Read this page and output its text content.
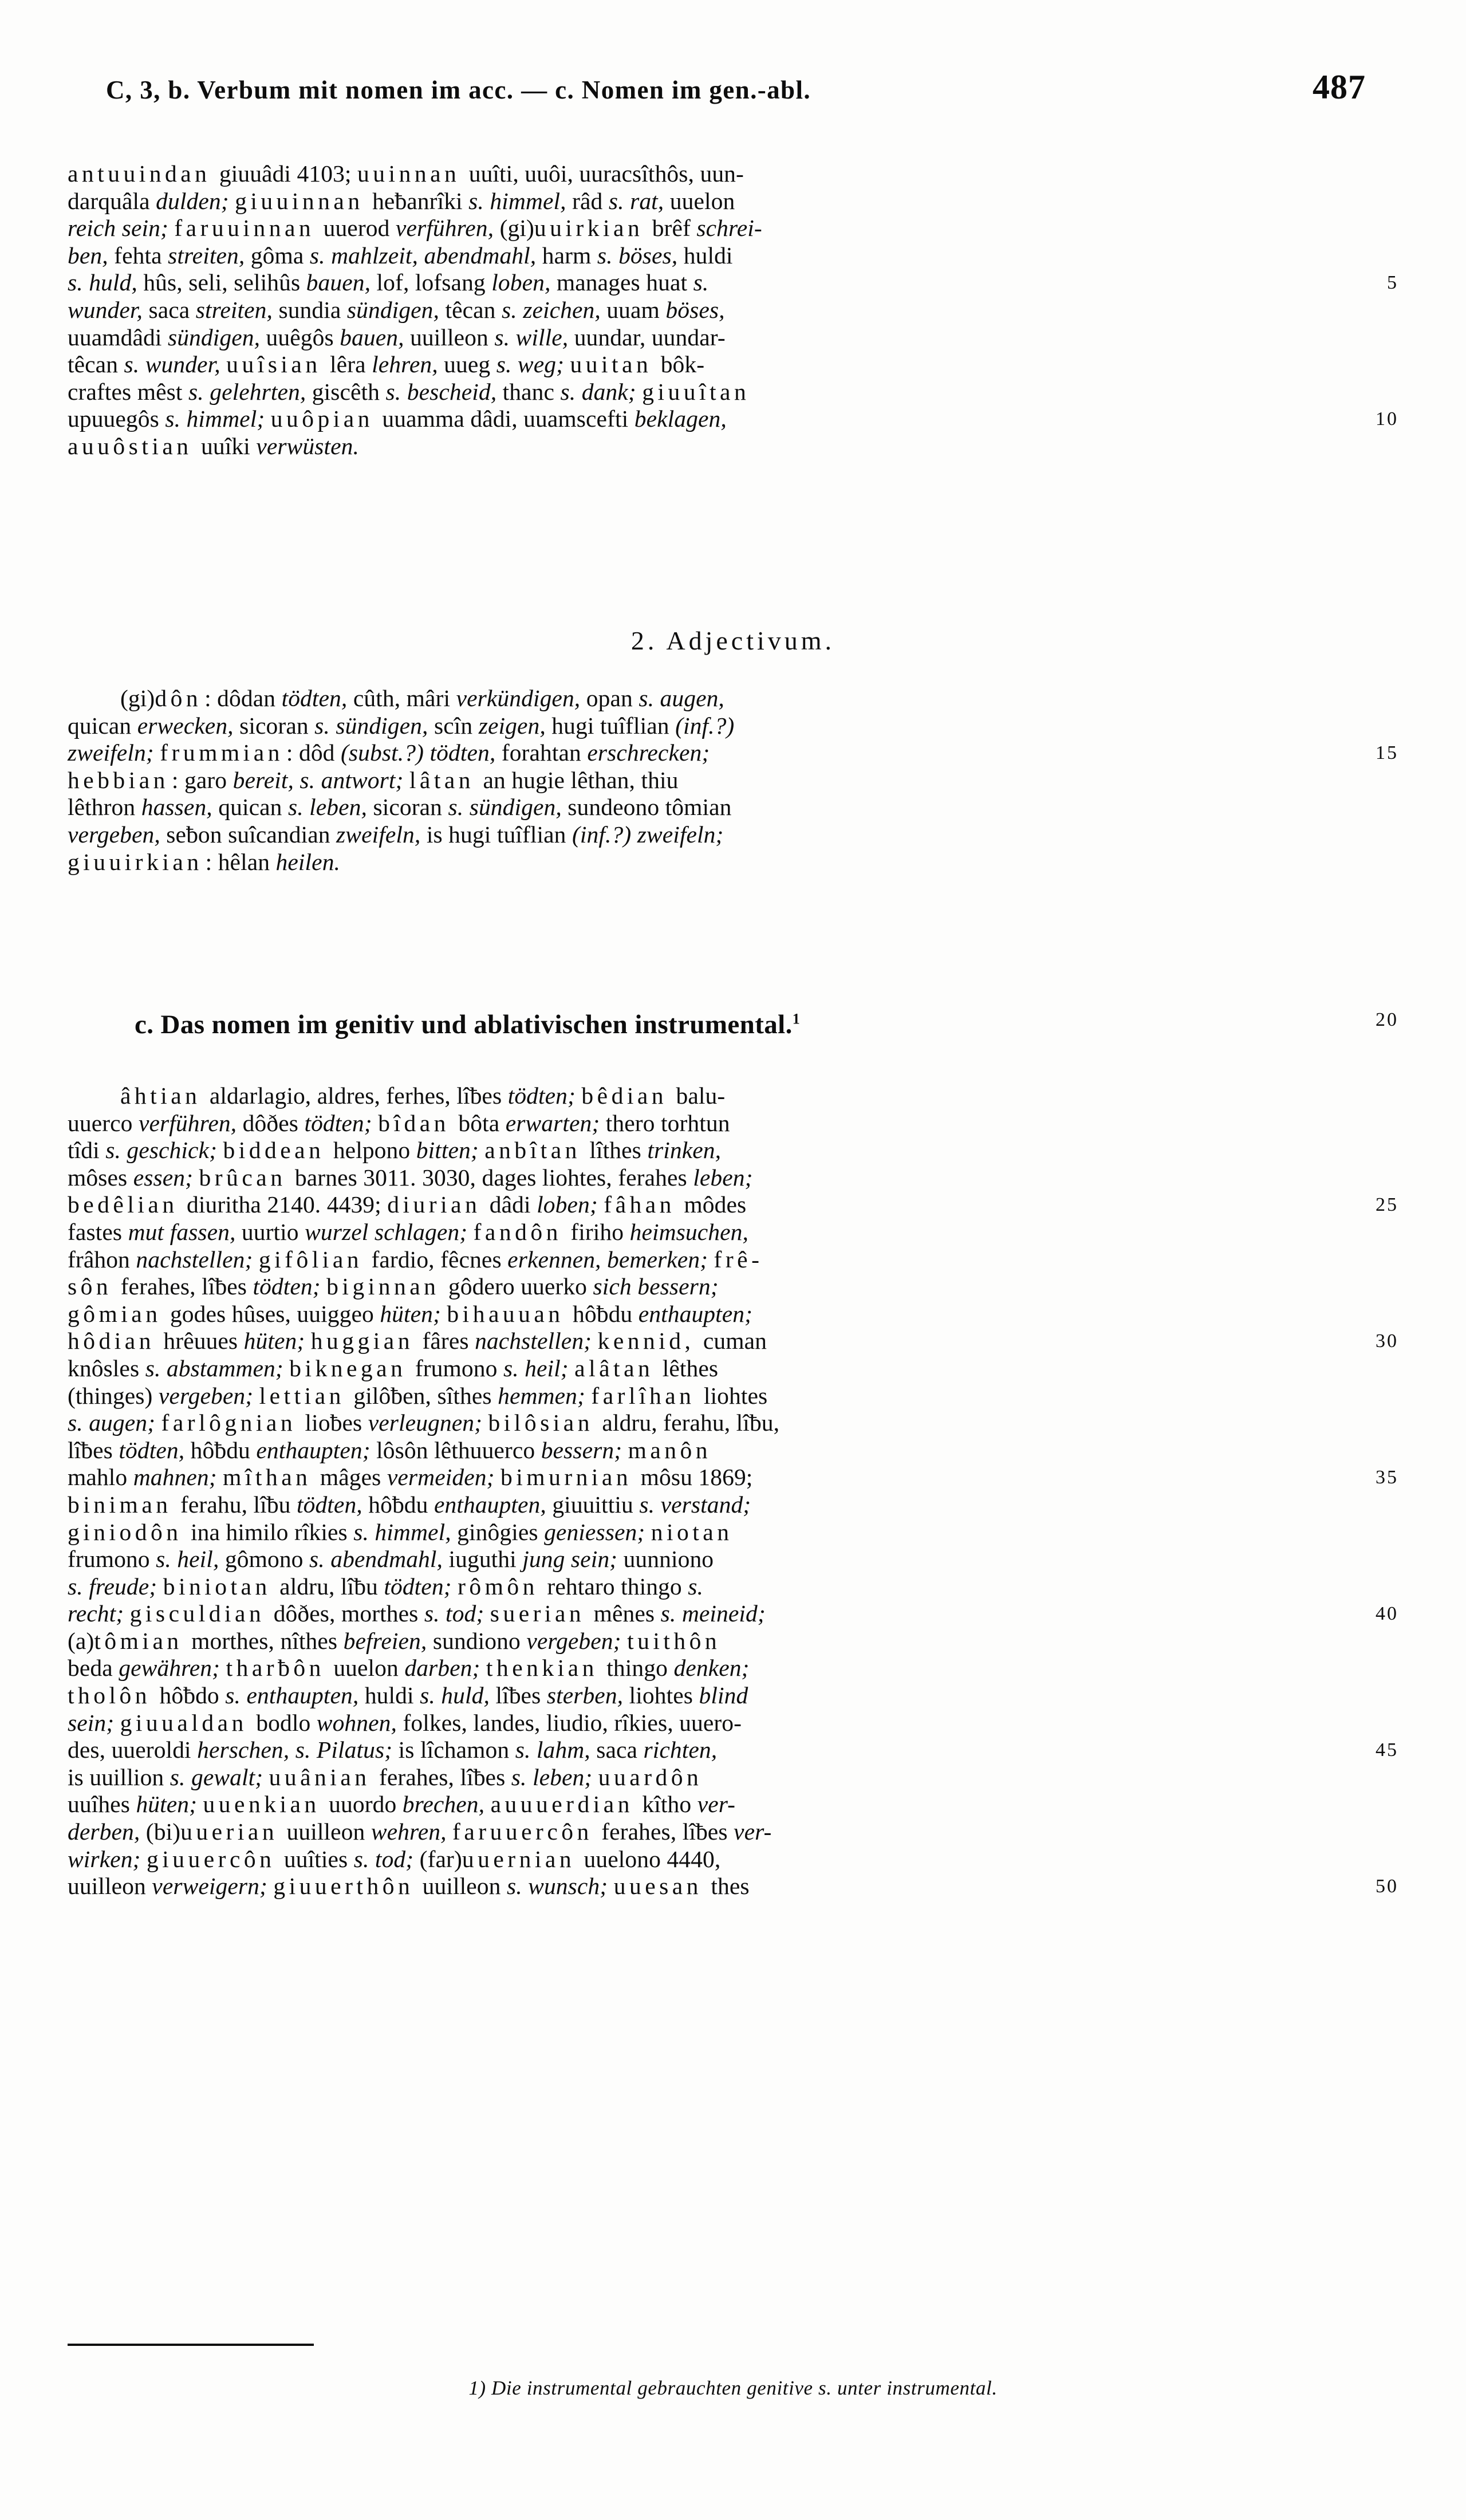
C, 3, b. Verbum mit nomen im acc. — c. Nomen im gen.-abl.	487
antuuindan giuuâdi 4103; uuinnan uuîti, uuôi, uuracsîthôs, uun-
darquâla dulden; giuuinnan heƀanrîki s. himmel, râd s. rat, uuelon
reich sein; faruuinnan uuerod verführen, (gi)uuirkian brêf schrei-
ben, fehta streiten, gôma s. mahlzeit, abendmahl, harm s. böses, huldi
s. huld, hûs, seli, selihûs bauen, lof, lofsang loben, manages huat s.	5
wunder, saca streiten, sundia sündigen, têcan s. zeichen, uuam böses,
uuamdâdi sündigen, uuêgôs bauen, uuilleon s. wille, uundar, uundar-
têcan s. wunder, uuîsian lêra lehren, uueg s. weg; uuitan bôk-
craftes mêst s. gelehrten, giscêth s. bescheid, thanc s. dank; giuuîtan
upuuegôs s. himmel; uuôpian uuamma dâdi, uuamscefti beklagen,	10
auuôstian uuîki verwüsten.
2. Adjectivum.
(gi)dôn : dôdan tödten, cûth, mâri verkündigen, opan s. augen,
quican erwecken, sicoran s. sündigen, scîn zeigen, hugi tuîflian (inf.?)
zweifeln; frummian : dôd (subst.?) tödten, forahtan erschrecken;	15
hebbian : garo bereit, s. antwort; lâtan an hugie lêthan, thiu
lêthron hassen, quican s. leben, sicoran s. sündigen, sundeono tômian
vergeben, seƀon suîcandian zweifeln, is hugi tuîflian (inf.?) zweifeln;
giuuirkian : hêlan heilen.
c. Das nomen im genitiv und ablativischen instrumental.$^1$	20
âhtian aldarlagio, aldres, ferhes, lîƀes tödten; bêdian balu-
uuerco verführen, dôðes tödten; bîdan bôta erwarten; thero torhtun
tîdi s. geschick; biddean helpono bitten; anbîtan lîthes trinken,
môses essen; brûcan barnes 3011. 3030, dages liohtes, ferahes leben;
bedêlian diuritha 2140. 4439; diurian dâdi loben; fâhan môdes	25
fastes mut fassen, uurtio wurzel schlagen; fandôn firiho heimsuchen,
frâhon nachstellen; gifôlian fardio, fêcnes erkennen, bemerken; frê-
sôn ferahes, lîƀes tödten; biginnan gôdero uuerko sich bessern;
gômian godes hûses, uuiggeo hüten; bihauuan hôƀdu enthaupten;
hôdian hrêuues hüten; huggian fâres nachstellen; kennid, cuman	30
knôsles s. abstammen; biknegan frumono s. heil; alâtan lêthes
(thinges) vergeben; lettian gilôƀen, sîthes hemmen; farlîhan liohtes
s. augen; farlôgnian lioƀes verleugnen; bilôsian aldru, ferahu, lîƀu,
lîƀes tödten, hôƀdu enthaupten; lôsôn lêthuuerco bessern; manôn
mahlo mahnen; mîthan mâges vermeiden; bimurnian môsu 1869;	35
biniman ferahu, lîƀu tödten, hôƀdu enthaupten, giuuittiu s. verstand;
giniodôn ina himilo rîkies s. himmel, ginôgies geniessen; niotan
frumono s. heil, gômono s. abendmahl, iuguthi jung sein; uunniono
s. freude; biniotan aldru, lîƀu tödten; rômôn rehtaro thingo s.
recht; gisculdian dôðes, morthes s. tod; suerian mênes s. meineid;	40
(a)tômian morthes, nîthes befreien, sundiono vergeben; tuithôn
beda gewähren; tharƀôn uuelon darben; thenkian thingo denken;
tholôn hôƀdo s. enthaupten, huldi s. huld, lîƀes sterben, liohtes blind
sein; giuualdan bodlo wohnen, folkes, landes, liudio, rîkies, uuero-
des, uueroldi herschen, s. Pilatus; is lîchamon s. lahm, saca richten,	45
is uuillion s. gewalt; uuânian ferahes, lîƀes s. leben; uuardôn
uuîhes hüten; uuenkian uuordo brechen, auuuerdian kîtho ver-
derben, (bi)uuerian uuilleon wehren, faruuercôn ferahes, lîƀes ver-
wirken; giuuercôn uuîties s. tod; (far)uuernian uuelono 4440,
uuilleon verweigern; giuuerthôn uuilleon s. wunsch; uuesan thes	50
1) Die instrumental gebrauchten genitive s. unter instrumental.
